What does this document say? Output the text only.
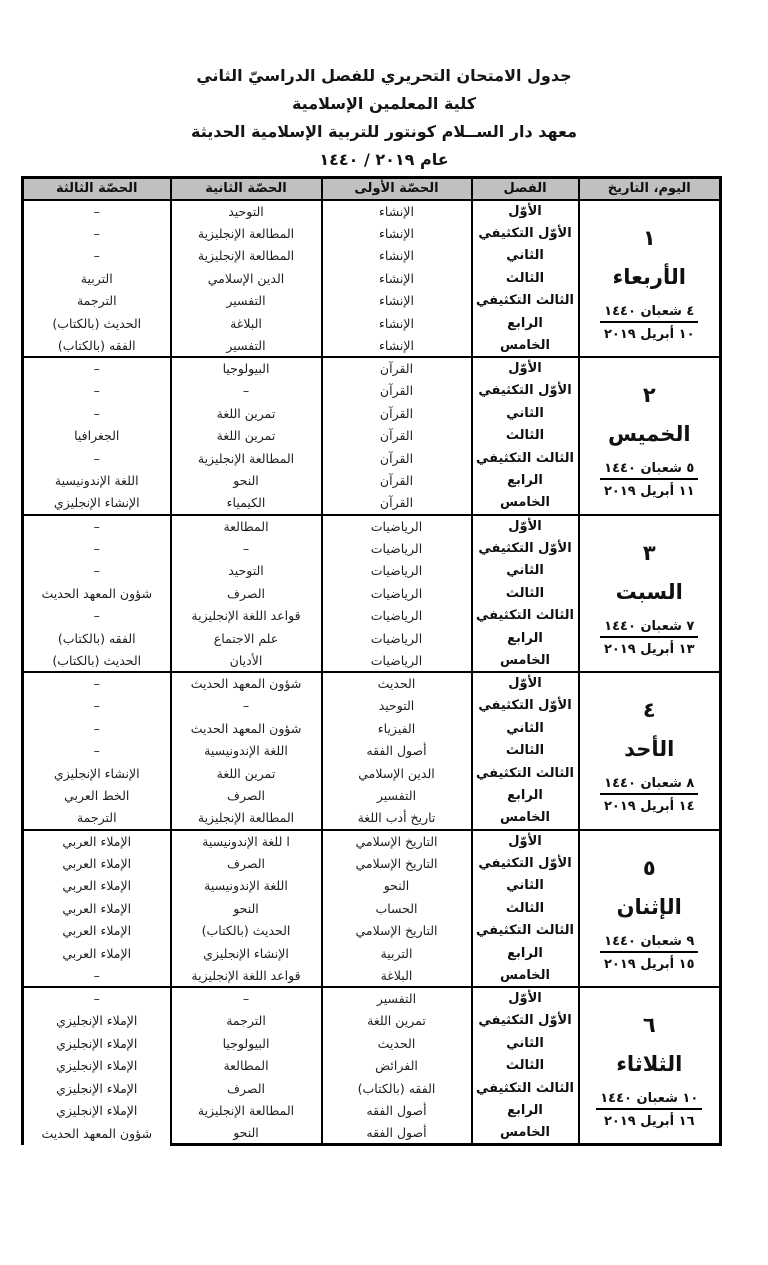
جدول الامتحان التحريري للفصل الدراسيّ الثاني
كلية المعلمين الإسلامية
معهد دار الســلام كونتور للتربية الإسلامية الحديثة
عام ٢٠١٩ / ١٤٤٠
اليوم، التاريخ	الفصل	الحصّة الأولى	الحصّة الثانية	الحصّة الثالثة

١
الأربعاء
٤ شعبان ١٤٤٠
١٠ أبريل ٢٠١٩	الأوّل	الإنشاء	التوحيد	–
	الأوّل التكثيفي	الإنشاء	المطالعة الإنجليزية	–
	الثاني	الإنشاء	المطالعة الإنجليزية	–
	الثالث	الإنشاء	الدين الإسلامي	التربية
	الثالث التكثيفي	الإنشاء	التفسير	الترجمة
	الرابع	الإنشاء	البلاغة	الحديث (بالكتاب)
	الخامس	الإنشاء	التفسير	الفقه (بالكتاب)

٢
الخميس
٥ شعبان ١٤٤٠
١١ أبريل ٢٠١٩	الأوّل	القرآن	البيولوجيا	–
	الأوّل التكثيفي	القرآن	–	–
	الثاني	القرآن	تمرين اللغة	–
	الثالث	القرآن	تمرين اللغة	الجغرافيا
	الثالث التكثيفي	القرآن	المطالعة الإنجليزية	–
	الرابع	القرآن	النحو	اللغة الإندونيسية
	الخامس	القرآن	الكيمياء	الإنشاء الإنجليزي

٣
السبت
٧ شعبان ١٤٤٠
١٣ أبريل ٢٠١٩	الأوّل	الرياضيات	المطالعة	–
	الأوّل التكثيفي	الرياضيات	–	–
	الثاني	الرياضيات	التوحيد	–
	الثالث	الرياضيات	الصرف	شؤون المعهد الحديث
	الثالث التكثيفي	الرياضيات	قواعد اللغة الإنجليزية	–
	الرابع	الرياضيات	علم الاجتماع	الفقه (بالكتاب)
	الخامس	الرياضيات	الأديان	الحديث (بالكتاب)

٤
الأحد
٨ شعبان ١٤٤٠
١٤ أبريل ٢٠١٩	الأوّل	الحديث	شؤون المعهد الحديث	–
	الأوّل التكثيفي	التوحيد	–	–
	الثاني	الفيزياء	شؤون المعهد الحديث	–
	الثالث	أصول الفقه	اللغة الإندونيسية	–
	الثالث التكثيفي	الدين الإسلامي	تمرين اللغة	الإنشاء الإنجليزي
	الرابع	التفسير	الصرف	الخط العربي
	الخامس	تاريخ أدب اللغة	المطالعة الإنجليزية	الترجمة

٥
الإثنان
٩ شعبان ١٤٤٠
١٥ أبريل ٢٠١٩	الأوّل	التاريخ الإسلامي	ا للغة الإندونيسية	الإملاء العربي
	الأوّل التكثيفي	التاريخ الإسلامي	الصرف	الإملاء العربي
	الثاني	النحو	اللغة الإندونيسية	الإملاء العربي
	الثالث	الحساب	النحو	الإملاء العربي
	الثالث التكثيفي	التاريخ الإسلامي	الحديث (بالكتاب)	الإملاء العربي
	الرابع	التربية	الإنشاء الإنجليزي	الإملاء العربي
	الخامس	البلاغة	قواعد اللغة الإنجليزية	–

٦
الثلاثاء
١٠ شعبان ١٤٤٠
١٦ أبريل ٢٠١٩	الأوّل	التفسير	–	–
	الأوّل التكثيفي	تمرين اللغة	الترجمة	الإملاء الإنجليزي
	الثاني	الحديث	البيولوجيا	الإملاء الإنجليزي
	الثالث	الفرائض	المطالعة	الإملاء الإنجليزي
	الثالث التكثيفي	الفقه (بالكتاب)	الصرف	الإملاء الإنجليزي
	الرابع	أصول الفقه	المطالعة الإنجليزية	الإملاء الإنجليزي
	الخامس	أصول الفقه	النحو	شؤون المعهد الحديث
